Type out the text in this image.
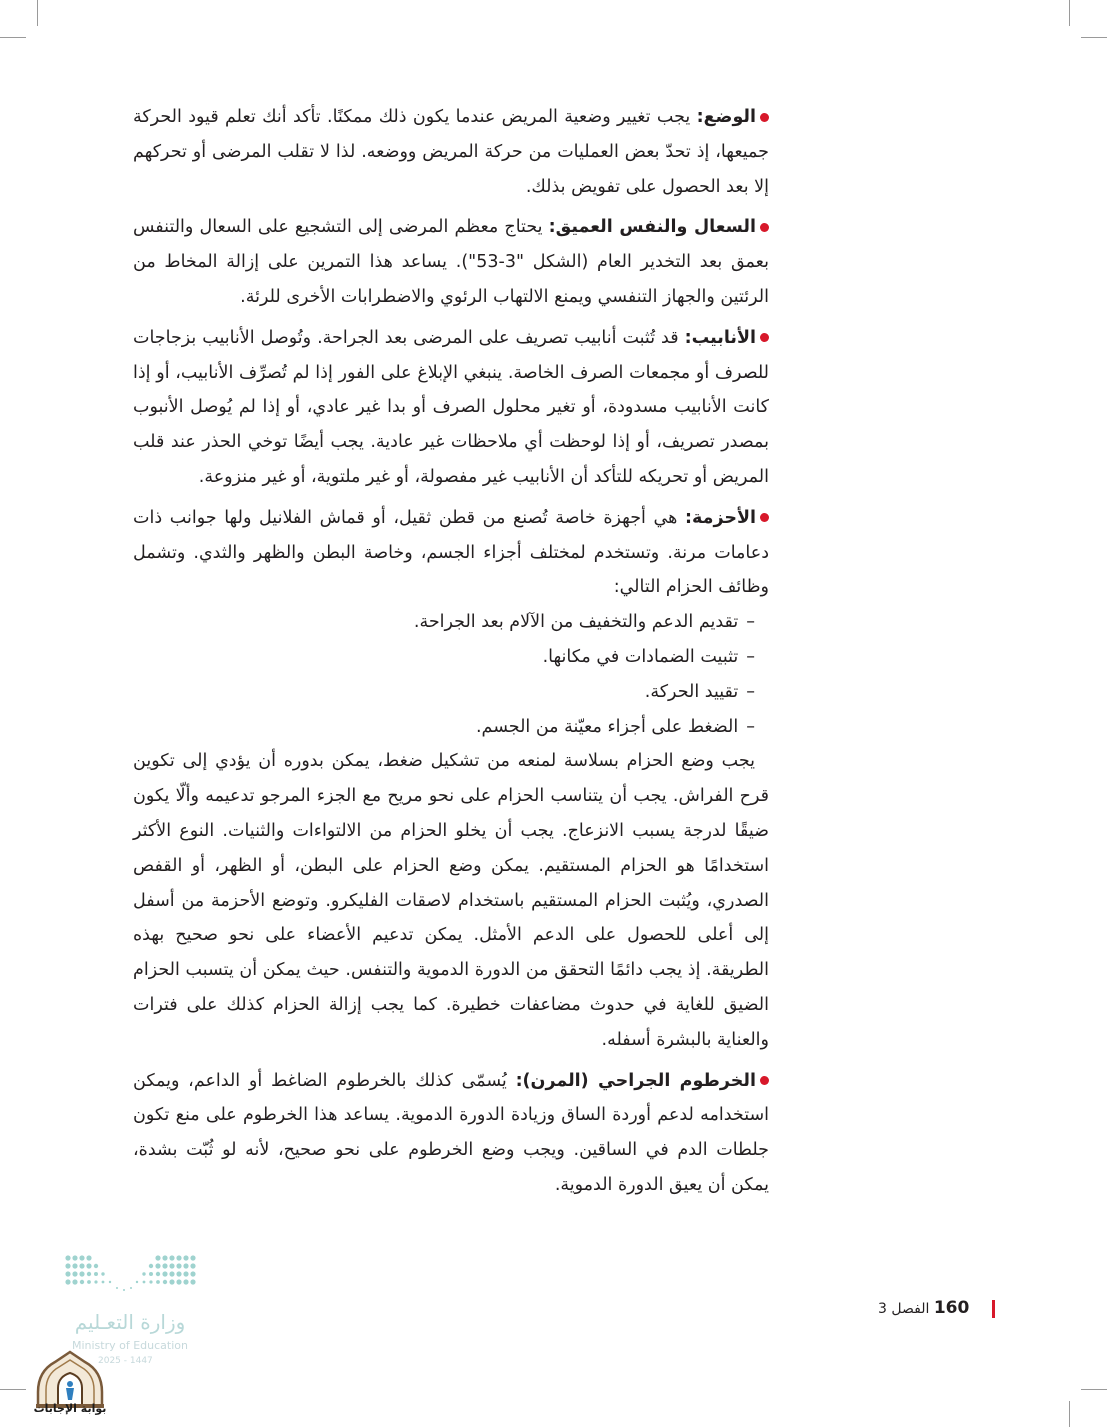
الوضع: يجب تغيير وضعية المريض عندما يكون ذلك ممكنًا. تأكد أنك تعلم قيود الحركة جميعها، إذ تحدّ بعض العمليات من حركة المريض ووضعه. لذا لا تقلب المرضى أو تحركهم إلا بعد الحصول على تفويض بذلك.

السعال والنفس العميق: يحتاج معظم المرضى إلى التشجيع على السعال والتنفس بعمق بعد التخدير العام (الشكل "3-53"). يساعد هذا التمرين على إزالة المخاط من الرئتين والجهاز التنفسي ويمنع الالتهاب الرئوي والاضطرابات الأخرى للرئة.

الأنابيب: قد تُثبت أنابيب تصريف على المرضى بعد الجراحة. وتُوصل الأنابيب بزجاجات للصرف أو مجمعات الصرف الخاصة. ينبغي الإبلاغ على الفور إذا لم تُصرِّف الأنابيب، أو إذا كانت الأنابيب مسدودة، أو تغير محلول الصرف أو بدا غير عادي، أو إذا لم يُوصل الأنبوب بمصدر تصريف، أو إذا لوحظت أي ملاحظات غير عادية. يجب أيضًا توخي الحذر عند قلب المريض أو تحريكه للتأكد أن الأنابيب غير مفصولة، أو غير ملتوية، أو غير منزوعة.

الأحزمة: هي أجهزة خاصة تُصنع من قطن ثقيل، أو قماش الفلانيل ولها جوانب ذات دعامات مرنة. وتستخدم لمختلف أجزاء الجسم، وخاصة البطن والظهر والثدي. وتشمل وظائف الحزام التالي:

–تقديم الدعم والتخفيف من الآلام بعد الجراحة.
–تثبيت الضمادات في مكانها.
–تقييد الحركة.
–الضغط على أجزاء معيّنة من الجسم.

يجب وضع الحزام بسلاسة لمنعه من تشكيل ضغط، يمكن بدوره أن يؤدي إلى تكوين قرح الفراش. يجب أن يتناسب الحزام على نحو مريح مع الجزء المرجو تدعيمه وألّا يكون ضيقًا لدرجة يسبب الانزعاج. يجب أن يخلو الحزام من الالتواءات والثنيات. النوع الأكثر استخدامًا هو الحزام المستقيم. يمكن وضع الحزام على البطن، أو الظهر، أو القفص الصدري، ويُثبت الحزام المستقيم باستخدام لاصقات الفليكرو. وتوضع الأحزمة من أسفل إلى أعلى للحصول على الدعم الأمثل. يمكن تدعيم الأعضاء على نحو صحيح بهذه الطريقة. إذ يجب دائمًا التحقق من الدورة الدموية والتنفس. حيث يمكن أن يتسبب الحزام الضيق للغاية في حدوث مضاعفات خطيرة. كما يجب إزالة الحزام كذلك على فترات والعناية بالبشرة أسفله.

الخرطوم الجراحي (المرن): يُسمّى كذلك بالخرطوم الضاغط أو الداعم، ويمكن استخدامه لدعم أوردة الساق وزيادة الدورة الدموية. يساعد هذا الخرطوم على منع تكون جلطات الدم في الساقين. ويجب وضع الخرطوم على نحو صحيح، لأنه لو ثُبّت بشدة، يمكن أن يعيق الدورة الدموية.

160 الفصل 3
وزارة التعـليم
Ministry of Education
2025 - 1447
بوابة الإجابات
